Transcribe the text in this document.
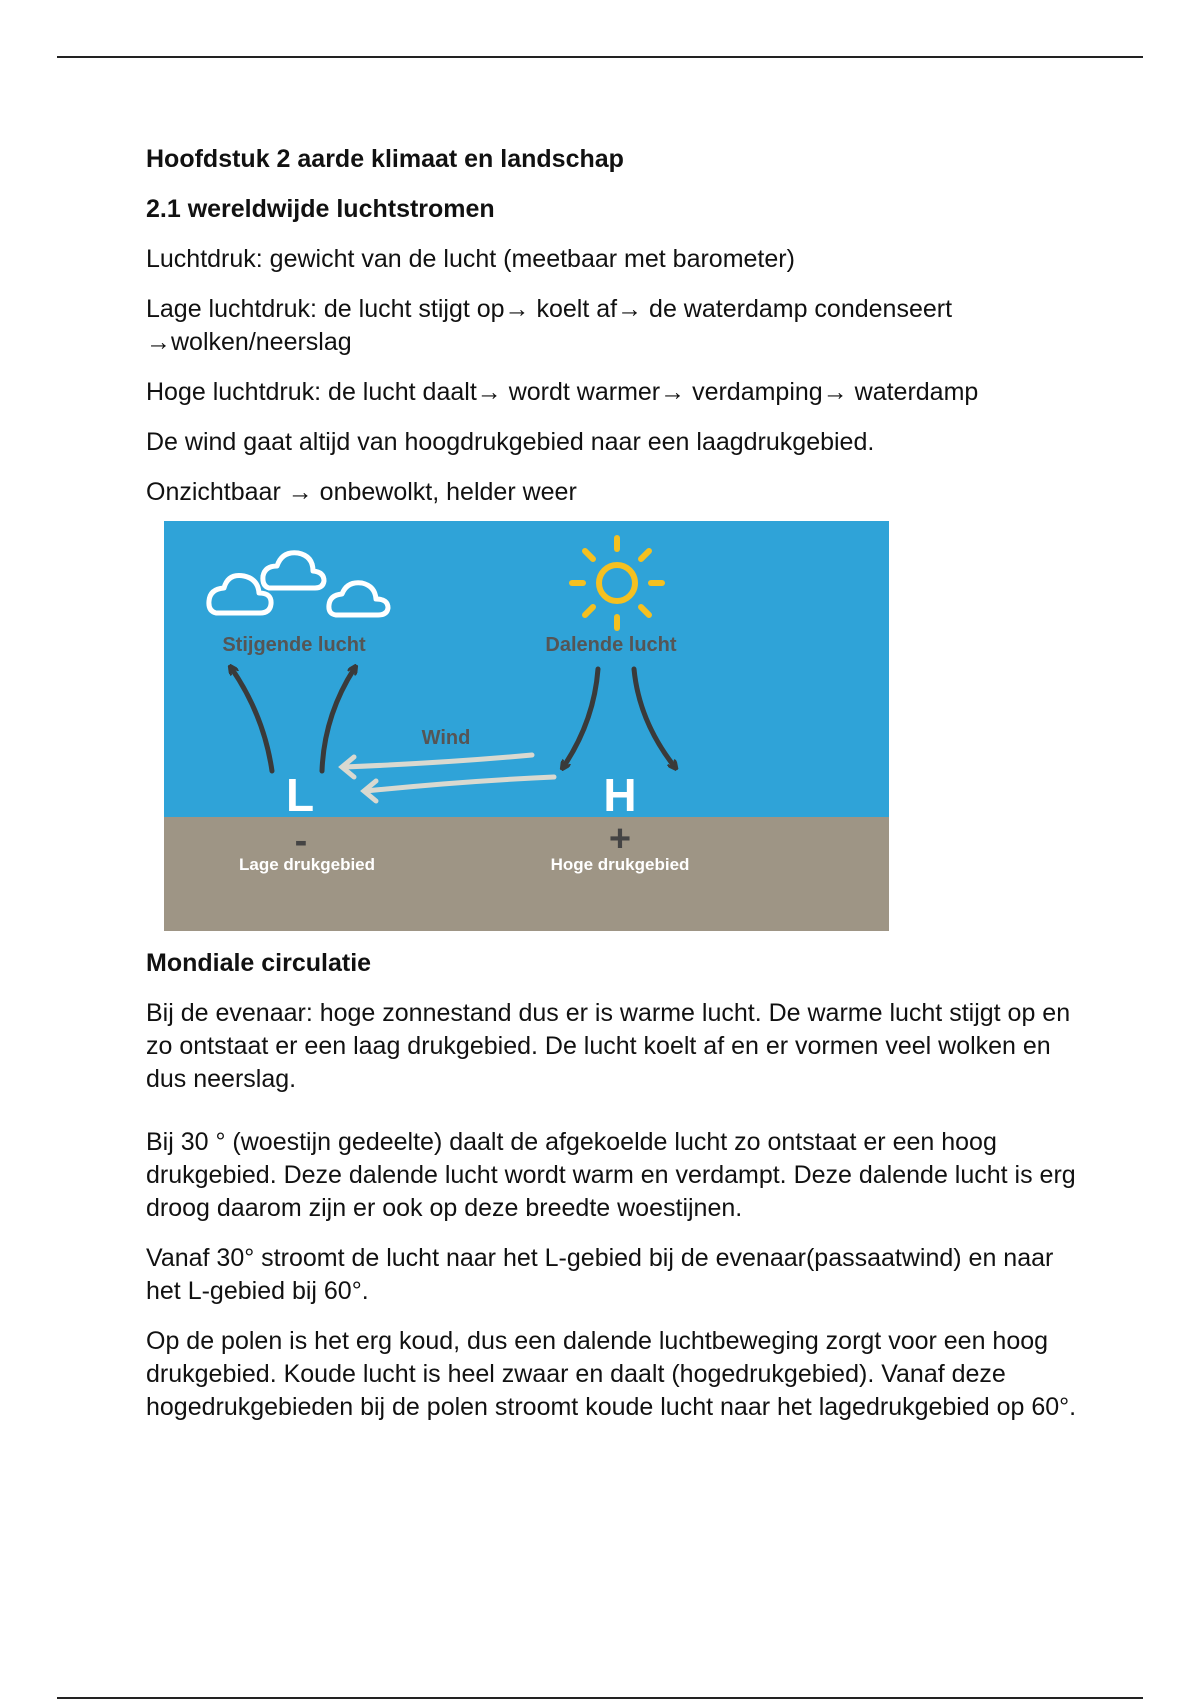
Hoofdstuk 2 aarde klimaat en landschap

2.1 wereldwijde luchtstromen

Luchtdruk: gewicht van de lucht (meetbaar met barometer)

Lage luchtdruk: de lucht stijgt op→ koelt af→ de waterdamp condenseert →wolken/neerslag

Hoge luchtdruk: de lucht daalt→ wordt warmer→ verdamping→ waterdamp

De wind gaat altijd van hoogdrukgebied naar een laagdrukgebied.

Onzichtbaar → onbewolkt, helder weer

Stijgende lucht	Dalende lucht
Wind
L	H
-	+
Lage drukgebied	Hoge drukgebied

Mondiale circulatie

Bij de evenaar: hoge zonnestand dus er is warme lucht. De warme lucht stijgt op en zo ontstaat er een laag drukgebied. De lucht koelt af en er vormen veel wolken en dus neerslag.

Bij 30 ° (woestijn gedeelte) daalt de afgekoelde lucht zo ontstaat er een hoog drukgebied. Deze dalende lucht wordt warm en verdampt. Deze dalende lucht is erg droog daarom zijn er ook op deze breedte woestijnen.

Vanaf 30° stroomt de lucht naar het L-gebied bij de evenaar(passaatwind) en naar het L-gebied bij 60°.

Op de polen is het erg koud, dus een dalende luchtbeweging zorgt voor een hoog drukgebied. Koude lucht is heel zwaar en daalt (hogedrukgebied). Vanaf deze hogedrukgebieden bij de polen stroomt koude lucht naar het lagedrukgebied op 60°.
